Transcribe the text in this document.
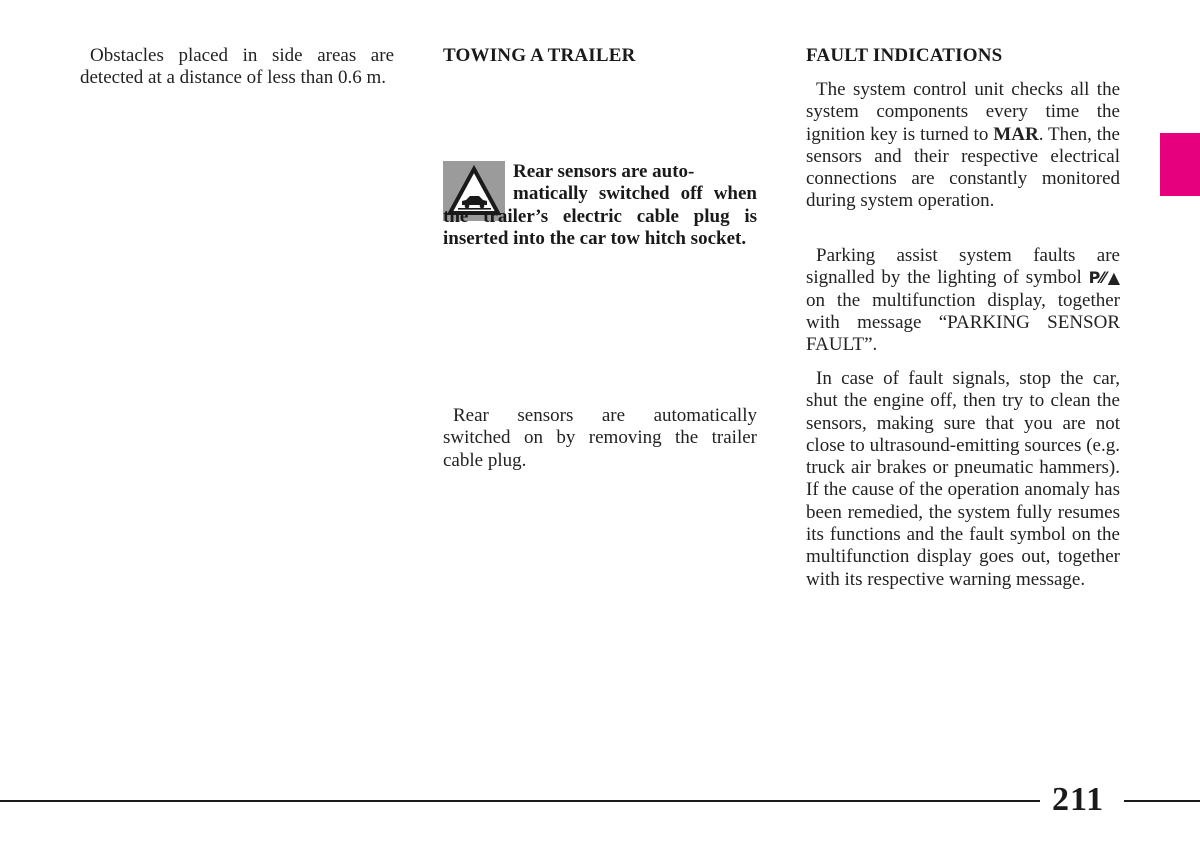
Obstacles placed in side areas are detected at a distance of less than 0.6 m.

TOWING A TRAILER

Rear sensors are auto-

matically switched off when the trailer’s electric cable plug is inserted into the car tow hitch socket.

Rear sensors are automatically switched on by removing the trailer cable plug.

FAULT INDICATIONS

The system control unit checks all the system components every time the ignition key is turned to MAR. Then, the sensors and their respective electrical connections are constantly monitored during system operation.

Parking assist system faults are signalled by the lighting of symbol P⁄⁄▲ on the multifunction display, together with message “PARKING SENSOR FAULT”.

In case of fault signals, stop the car, shut the engine off, then try to clean the sensors, making sure that you are not close to ultrasound-emitting sources (e.g. truck air brakes or pneumatic hammers). If the cause of the operation anomaly has been remedied, the system fully resumes its functions and the fault symbol on the multifunction display goes out, together with its respective warning message.

211
